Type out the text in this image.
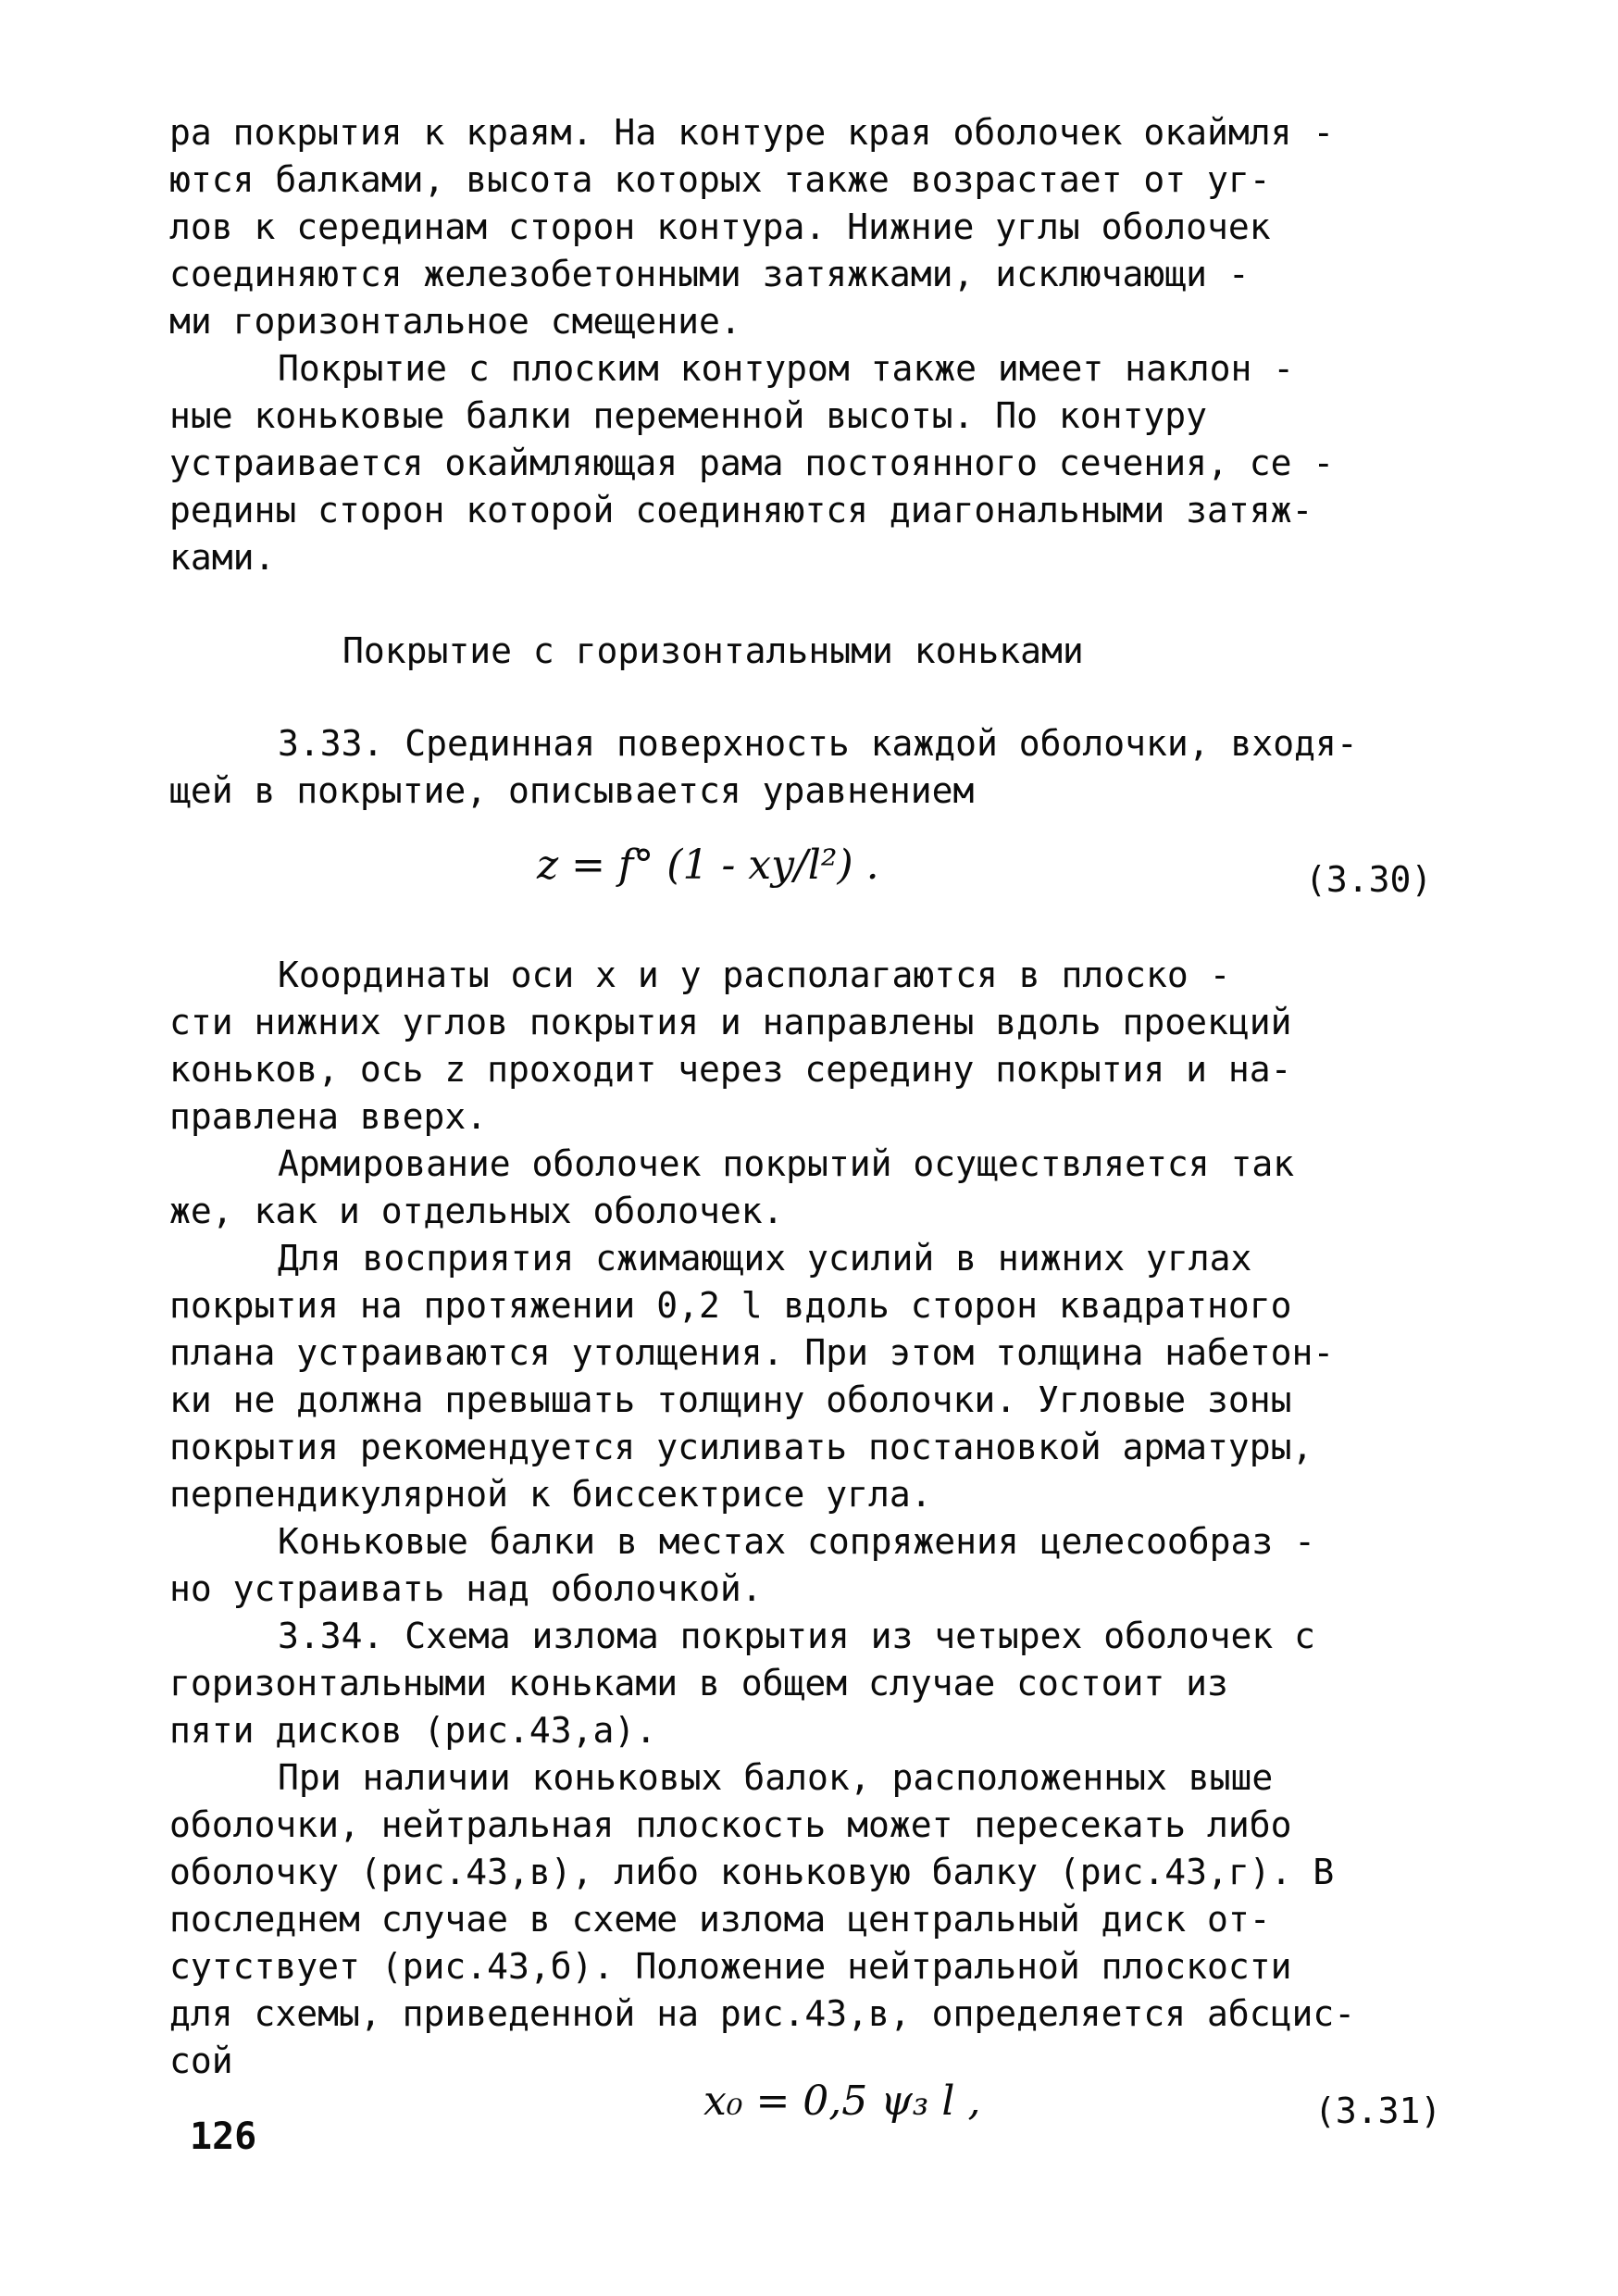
ра покрытия к краям. На контуре края оболочек окаймля -

ются балками, высота которых также возрастает от уг-

лов к серединам сторон контура. Нижние углы оболочек

соединяются железобетонными затяжками, исключающи -

ми горизонтальное смещение.

Покрытие с плоским контуром также имеет наклон -

ные коньковые балки переменной высоты. По контуру

устраивается окаймляющая рама постоянного сечения, се -

редины сторон которой соединяются диагональными затяж-

ками.

Покрытие с горизонтальными коньками

3.33. Срединная поверхность каждой оболочки, входя-

щей в покрытие, описывается уравнением

z = f° (1 - xy/l²) .	(3.30)

Координаты оси x и y располагаются в плоско -

сти нижних углов покрытия и направлены вдоль проекций

коньков, ось z проходит через середину покрытия и на-

правлена вверх.

Армирование оболочек покрытий осуществляется так

же, как и отдельных оболочек.

Для восприятия сжимающих усилий в нижних углах

покрытия на протяжении 0,2 l вдоль сторон квадратного

плана устраиваются утолщения. При этом толщина набетон-

ки не должна превышать толщину оболочки. Угловые зоны

покрытия рекомендуется усиливать постановкой арматуры,

перпендикулярной к биссектрисе угла.

Коньковые балки в местах сопряжения целесообраз -

но устраивать над оболочкой.

3.34. Схема излома покрытия из четырех оболочек с

горизонтальными коньками в общем случае состоит из

пяти дисков (рис.43,а).

При наличии коньковых балок, расположенных выше

оболочки, нейтральная плоскость может пересекать либо

оболочку (рис.43,в), либо коньковую балку (рис.43,г). В

последнем случае в схеме излома центральный диск от-

сутствует (рис.43,б). Положение нейтральной плоскости

для схемы, приведенной на рис.43,в, определяется абсцис-

сой

x₀ = 0,5 ψ₃ l ,	(3.31)
126
